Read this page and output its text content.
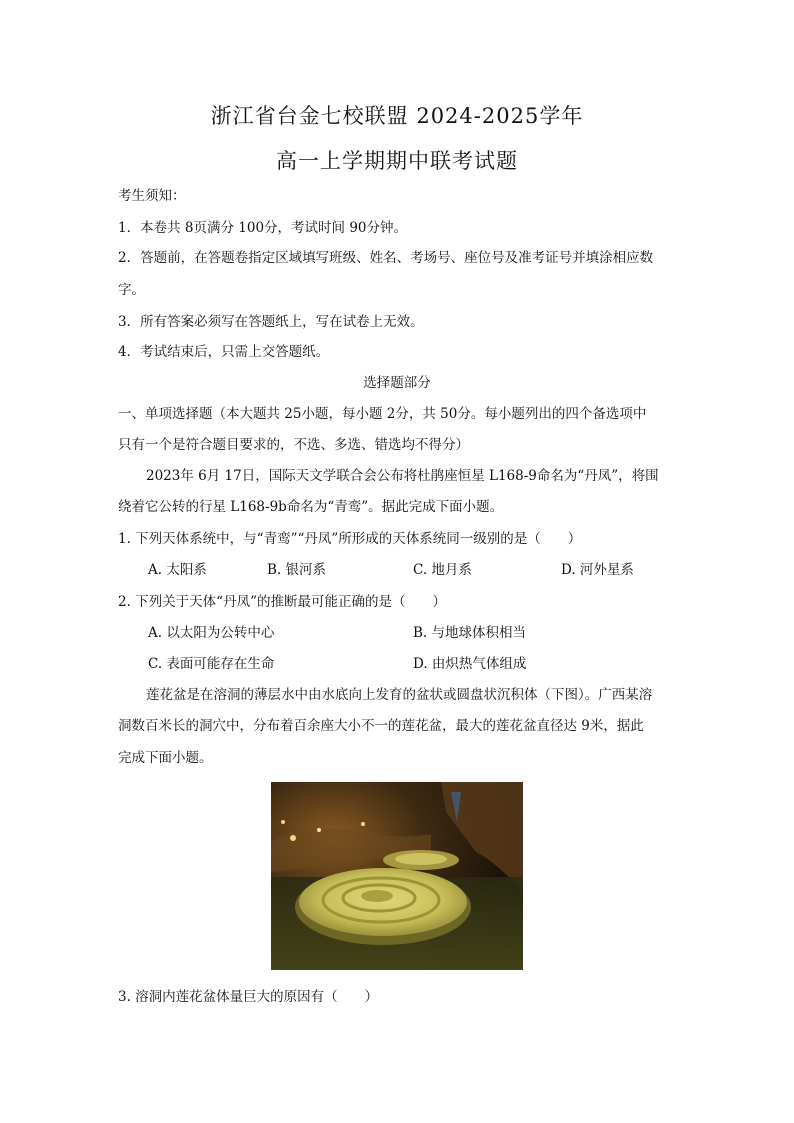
浙江省台金七校联盟 2024-2025学年
高一上学期期中联考试题
考生须知：
1．本卷共 8页满分 100分，考试时间 90分钟。
2．答题前，在答题卷指定区域填写班级、姓名、考场号、座位号及准考证号并填涂相应数
字。
3．所有答案必须写在答题纸上，写在试卷上无效。
4．考试结束后，只需上交答题纸。
选择题部分
一、单项选择题（本大题共 25小题，每小题 2分，共 50分。每小题列出的四个备选项中
只有一个是符合题目要求的，不选、多选、错选均不得分）
2023年 6月 17日，国际天文学联合会公布将杜鹃座恒星 L168-9命名为“丹凤”，将围
绕着它公转的行星 L168-9b命名为“青鸾”。据此完成下面小题。
1. 下列天体系统中，与“青鸾”“丹凤”所形成的天体系统同一级别的是（　　）
A. 太阳系	B. 银河系	C. 地月系	D. 河外星系
2. 下列关于天体“丹凤”的推断最可能正确的是（　　）
A. 以太阳为公转中心	B. 与地球体积相当
C. 表面可能存在生命	D. 由炽热气体组成
莲花盆是在溶洞的薄层水中由水底向上发育的盆状或圆盘状沉积体（下图）。广西某溶
洞数百米长的洞穴中，分布着百余座大小不一的莲花盆，最大的莲花盆直径达 9米，据此
完成下面小题。
3. 溶洞内莲花盆体量巨大的原因有（　　）
